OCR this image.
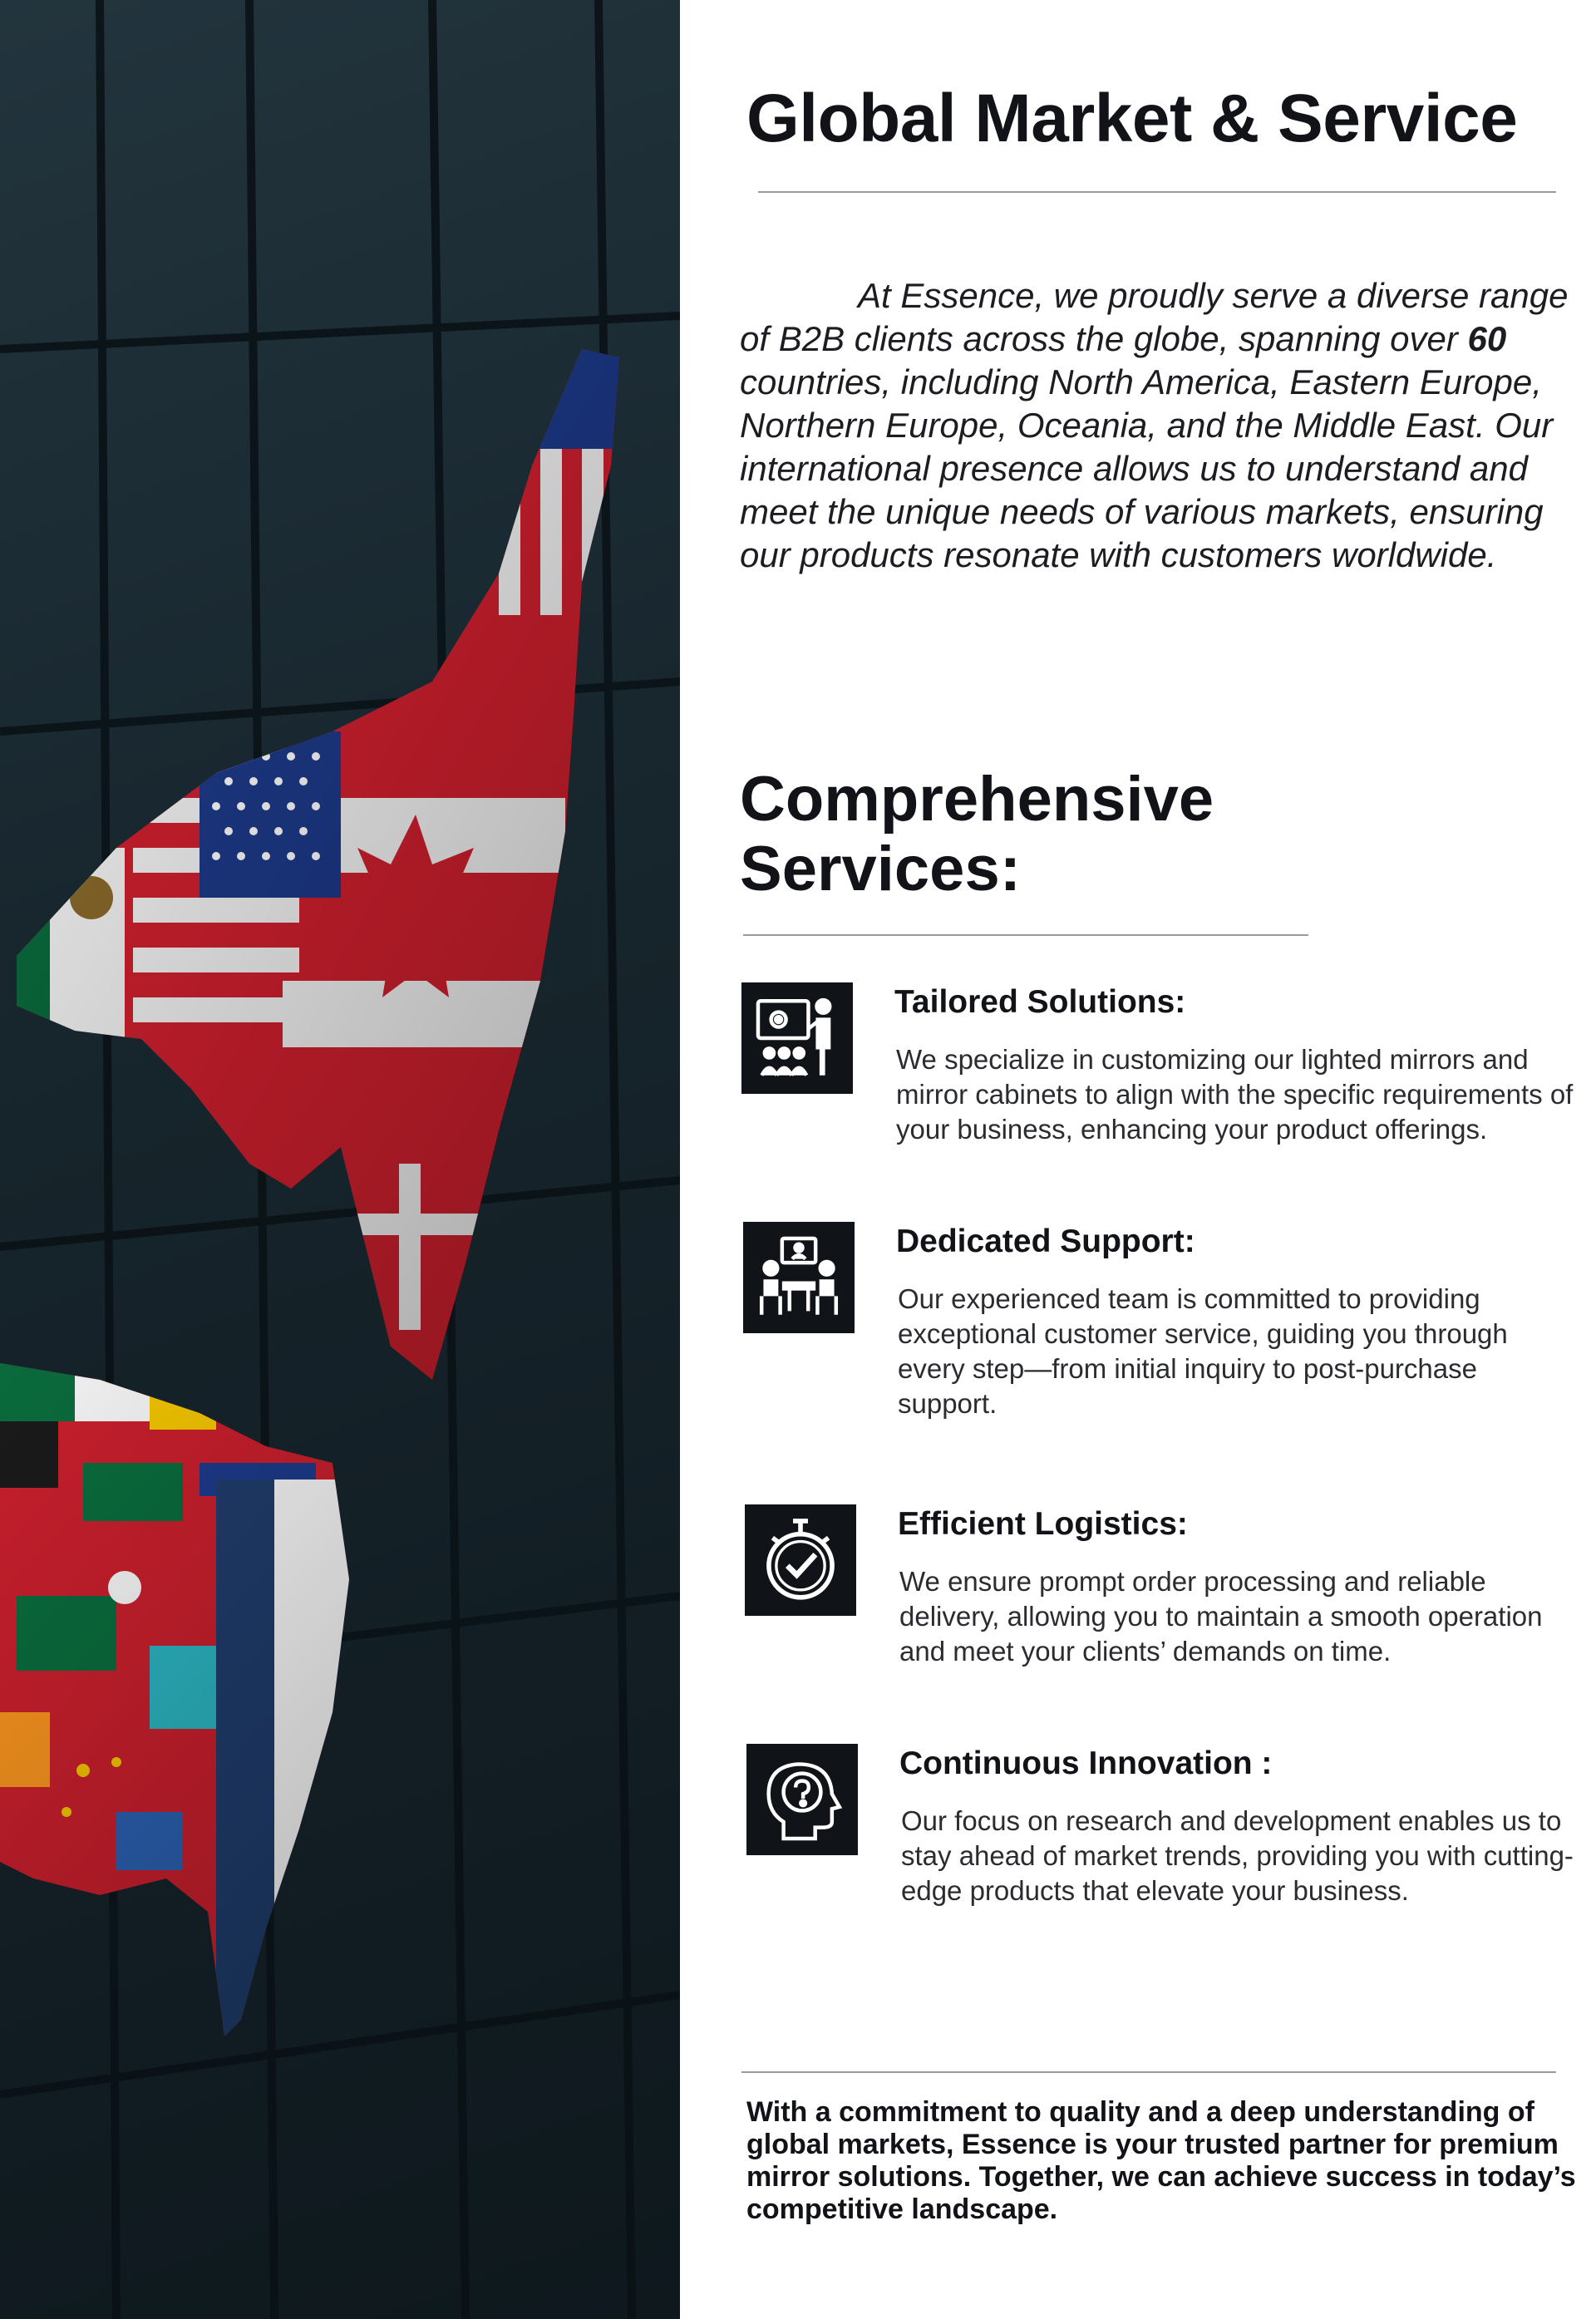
Global Market & Service

At Essence, we proudly serve a diverse range of B2B clients across the globe, spanning over 60 countries, including North America, Eastern Europe, Northern Europe, Oceania, and the Middle East. Our international presence allows us to understand and meet the unique needs of various markets, ensuring our products resonate with customers worldwide.

Comprehensive
Services:
Tailored Solutions:

We specialize in customizing our lighted mirrors and mirror cabinets to align with the specific requirements of your business, enhancing your product offerings.

Dedicated Support:

Our experienced team is committed to providing exceptional customer service, guiding you through every step—from initial inquiry to post-purchase support.

Efficient Logistics:

We ensure prompt order processing and reliable delivery, allowing you to maintain a smooth operation and meet your clients’ demands on time.

Continuous Innovation :

Our focus on research and development enables us to stay ahead of market trends, providing you with cutting-edge products that elevate your business.

With a commitment to quality and a deep understanding of global markets, Essence is your trusted partner for premium mirror solutions. Together, we can achieve success in today’s competitive landscape.
